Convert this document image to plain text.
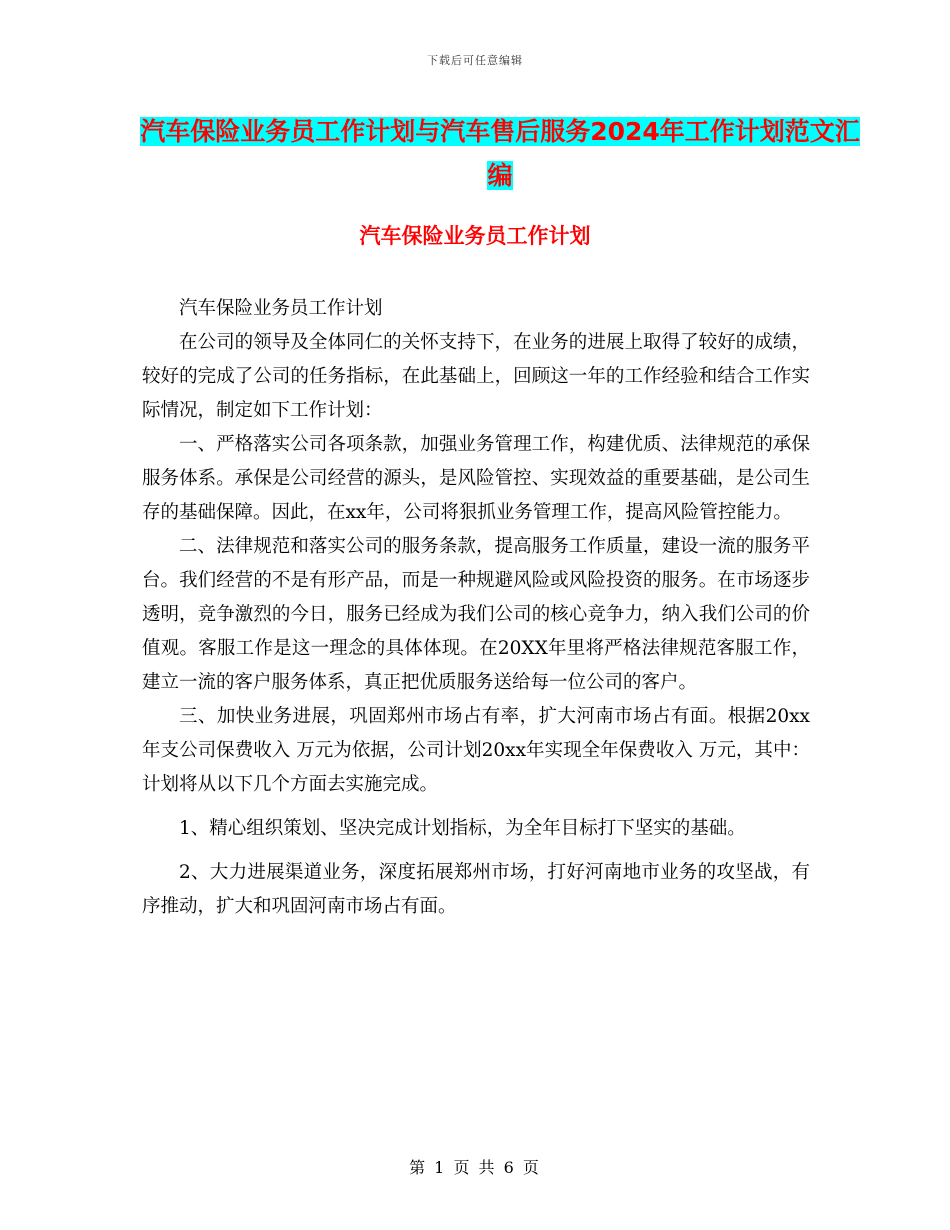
下载后可任意编辑
汽车保险业务员工作计划与汽车售后服务2024年工作计划范文汇编
汽车保险业务员工作计划

汽车保险业务员工作计划

在公司的领导及全体同仁的关怀支持下，在业务的进展上取得了较好的成绩，较好的完成了公司的任务指标，在此基础上，回顾这一年的工作经验和结合工作实际情况，制定如下工作计划：

一、严格落实公司各项条款，加强业务管理工作，构建优质、法律规范的承保服务体系。承保是公司经营的源头，是风险管控、实现效益的重要基础，是公司生存的基础保障。因此，在xx年，公司将狠抓业务管理工作，提高风险管控能力。

二、法律规范和落实公司的服务条款，提高服务工作质量，建设一流的服务平台。我们经营的不是有形产品，而是一种规避风险或风险投资的服务。在市场逐步透明，竞争激烈的今日，服务已经成为我们公司的核心竞争力，纳入我们公司的价值观。客服工作是这一理念的具体体现。在20XX年里将严格法律规范客服工作，建立一流的客户服务体系，真正把优质服务送给每一位公司的客户。

三、加快业务进展，巩固郑州市场占有率，扩大河南市场占有面。根据20xx年支公司保费收入 万元为依据，公司计划20xx年实现全年保费收入 万元，其中：计划将从以下几个方面去实施完成。

1、精心组织策划、坚决完成计划指标，为全年目标打下坚实的基础。

2、大力进展渠道业务，深度拓展郑州市场，打好河南地市业务的攻坚战，有序推动，扩大和巩固河南市场占有面。

第 1 页 共 6 页
